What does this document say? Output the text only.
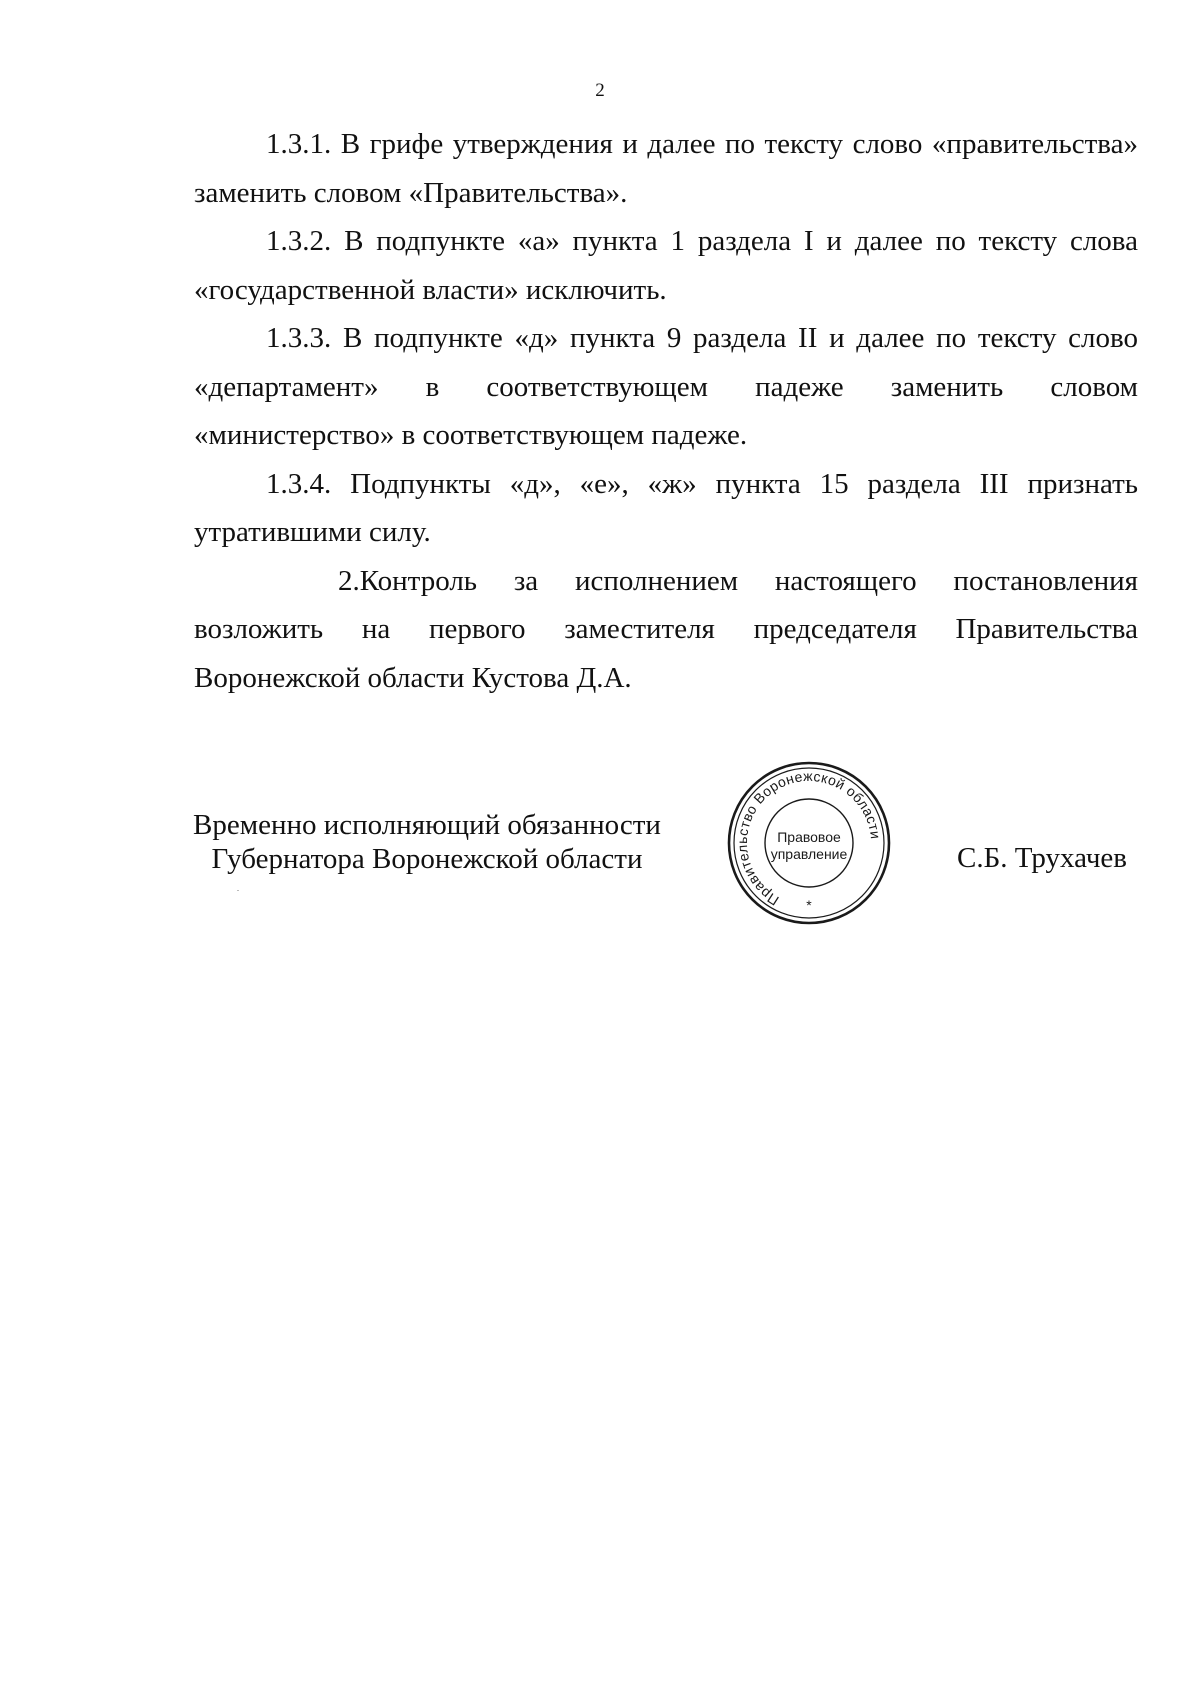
2

1.3.1. В грифе утверждения и далее по тексту слово «правительства» заменить словом «Правительства».

1.3.2. В подпункте «а» пункта 1 раздела I и далее по тексту слова «государственной власти» исключить.

1.3.3. В подпункте «д» пункта 9 раздела II и далее по тексту слово «департамент» в соответствующем падеже заменить словом «министерство» в соответствующем падеже.

1.3.4. Подпункты «д», «е», «ж» пункта 15 раздела III признать утратившими силу.

2.Контроль за исполнением настоящего постановления возложить на первого заместителя председателя Правительства Воронежской области Кустова Д.А.

Временно исполняющий обязанности
Губернатора Воронежской области
Правительство Воронежской области
Правовое
управление
*
С.Б. Трухачев
